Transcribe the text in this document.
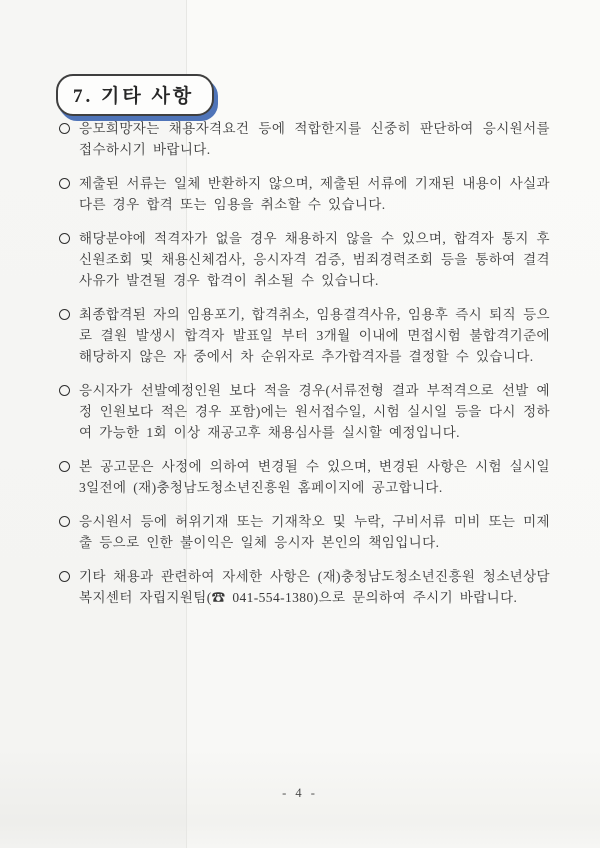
7. 기타 사항
응모희망자는 채용자격요건 등에 적합한지를 신중히 판단하여 응시원서를 접수하시기 바랍니다.
제출된 서류는 일체 반환하지 않으며, 제출된 서류에 기재된 내용이 사실과 다른 경우 합격 또는 임용을 취소할 수 있습니다.
해당분야에 적격자가 없을 경우 채용하지 않을 수 있으며, 합격자 통지 후 신원조회 및 채용신체검사, 응시자격 검증, 범죄경력조회 등을 통하여 결격사유가 발견될 경우 합격이 취소될 수 있습니다.
최종합격된 자의 임용포기, 합격취소, 임용결격사유, 임용후 즉시 퇴직 등으로 결원 발생시 합격자 발표일 부터 3개월 이내에 면접시험 불합격기준에 해당하지 않은 자 중에서 차 순위자로 추가합격자를 결정할 수 있습니다.
응시자가 선발예정인원 보다 적을 경우(서류전형 결과 부적격으로 선발 예정 인원보다 적은 경우 포함)에는 원서접수일, 시험 실시일 등을 다시 정하여 가능한 1회 이상 재공고후 채용심사를 실시할 예정입니다.
본 공고문은 사정에 의하여 변경될 수 있으며, 변경된 사항은 시험 실시일 3일전에 (재)충청남도청소년진흥원 홈페이지에 공고합니다.
응시원서 등에 허위기재 또는 기재착오 및 누락, 구비서류 미비 또는 미제출 등으로 인한 불이익은 일체 응시자 본인의 책임입니다.
기타 채용과 관련하여 자세한 사항은 (재)충청남도청소년진흥원 청소년상담복지센터 자립지원팀(☎ 041-554-1380)으로 문의하여 주시기 바랍니다.
- 4 -
